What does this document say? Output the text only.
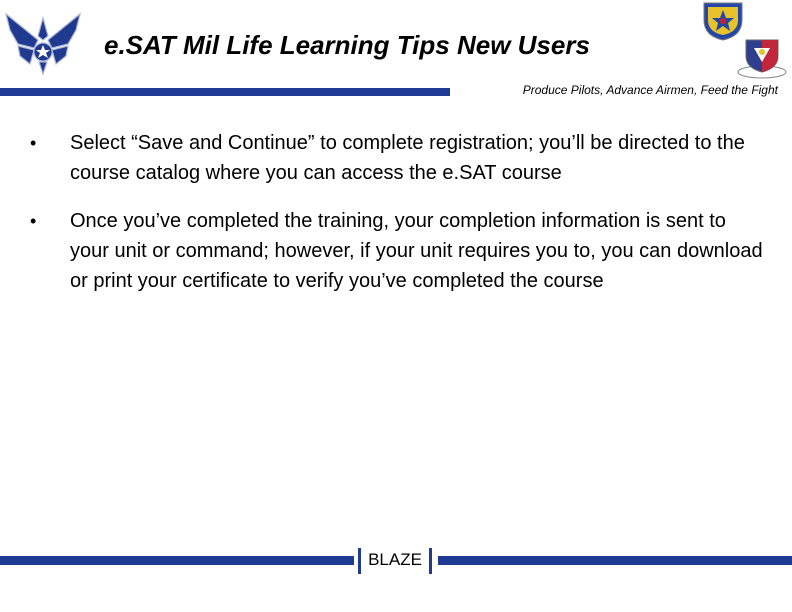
e.SAT Mil Life Learning Tips New Users
Produce Pilots, Advance Airmen, Feed the Fight
• Select “Save and Continue” to complete registration; you’ll be directed to the course catalog where you can access the e.SAT course
• Once you’ve completed the training, your completion information is sent to your unit or command; however, if your unit requires you to, you can download or print your certificate to verify you’ve completed the course
BLAZE
